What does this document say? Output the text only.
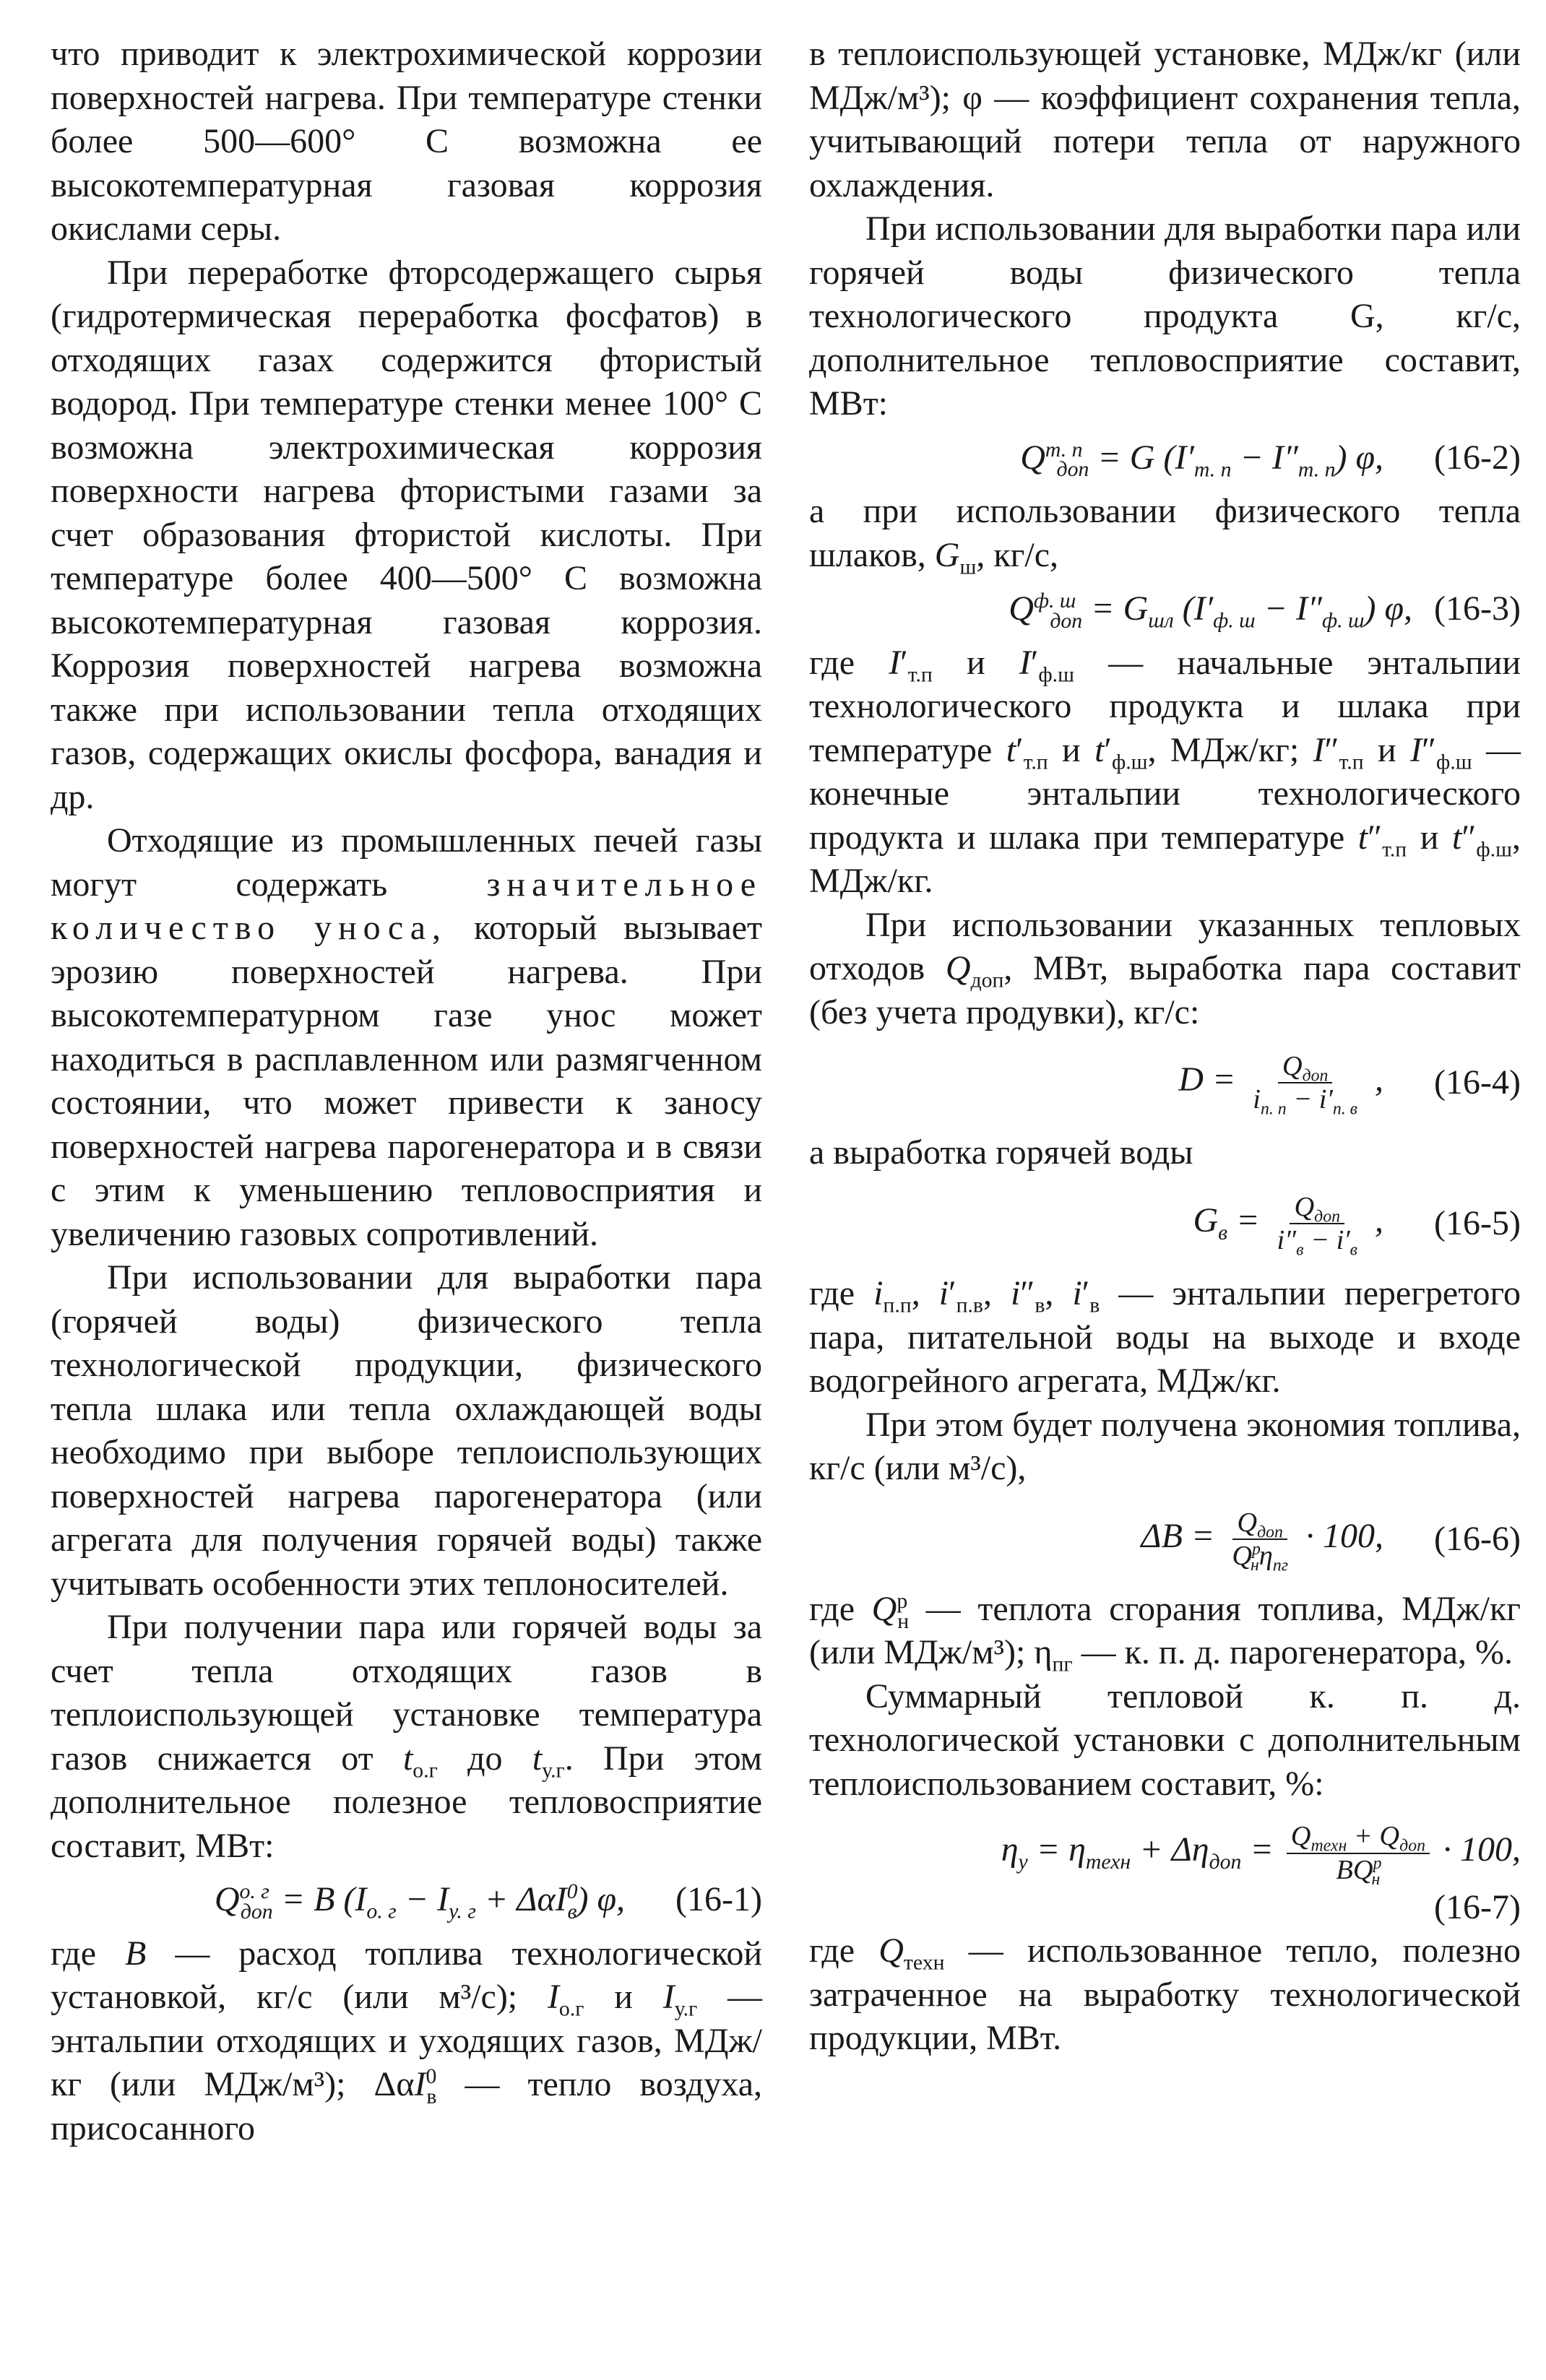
что приводит к электрохимической коррозии поверхностей нагрева. При температуре стенки более 500—600° С возможна ее высокотемпературная газовая коррозия окислами серы.

При переработке фторсодержащего сырья (гидротермическая переработка фосфатов) в отходящих газах содержится фтористый водород. При температуре стенки менее 100° С возможна электрохимическая коррозия поверхности нагрева фтористыми газами за счет образования фтористой кислоты. При температуре более 400—500° С возможна высокотемпературная газовая коррозия. Коррозия поверхностей нагрева возможна также при использовании тепла отходящих газов, содержащих окислы фосфора, ванадия и др.

Отходящие из промышленных печей газы могут содержать	значительное количество уноса, который вызывает эрозию поверхностей нагрева. При высокотемпературном газе унос может находиться в расплавленном или размягченном состоянии, что может привести к заносу поверхностей нагрева парогенератора и в связи с этим к уменьшению тепловосприятия и увеличению газовых сопротивлений.

При использовании для выработки пара (горячей воды) физического тепла технологической продукции, физического тепла шлака или тепла охлаждающей воды необходимо при выборе теплоиспользующих поверхностей нагрева парогенератора (или агрегата для получения горячей воды) также учитывать особенности этих теплоносителей.

При получении пара или горячей воды за счет тепла отходящих газов в теплоиспользующей установке температура газов снижается от $t_{о.г}$ до $t_{у.г}$. При этом дополнительное полезное тепловосприятие составит, МВт:

$Q^{о. г}_{доп} = B$ $(I_{о. г} - I_{у. г} + \Delta\alpha I^0_в)$ φ,	(16-1)

где B — расход топлива технологической установкой, кг/с (или м³/с); $I_{о.г}$ и $I_{у.г}$ — энтальпии отходящих и уходящих газов, МДж/кг (или МДж/м³); ΔαI$^0_в$ — тепло воздуха, присосанного

в теплоиспользующей установке, МДж/кг (или МДж/м³); φ — коэффициент сохранения тепла, учитывающий потери тепла от наружного охлаждения.

При использовании для выработки пара или горячей воды физического тепла технологического продукта G, кг/с, дополнительное тепловосприятие составит, МВт:

$Q^{т. п}_{доп} = G$ $(I'_{т. п} - I''_{т. п})$ φ,	(16-2)

а при использовании физического тепла шлаков, $G_ш$, кг/с,

$Q^{ф. ш}_{доп} = G_{шл}$ $(I'_{ф. ш} - I''_{ф. ш})$ φ, (16-3)

где $I'_{т.п}$ и $I'_{ф.ш}$ — начальные энтальпии технологического продукта и шлака при температуре $t'_{т.п}$ и $t'_{ф.ш}$, МДж/кг; $I''_{т.п}$ и $I''_{ф.ш}$ — конечные энтальпии технологического продукта и шлака при температуре $t''_{т.п}$ и $t''_{ф.ш}$, МДж/кг.

При использовании указанных тепловых отходов $Q_{доп}$, МВт, выработка пара составит (без учета продувки), кг/с:

$D = \frac{Q_{доп}}{i_{п. п} - i'_{п. в}}$ ,	(16-4)

а выработка горячей воды

$G_в = \frac{Q_{доп}}{i''_в - i'_в}$ ,	(16-5)

где $i_{п.п}$, $i'_{п.в}$, $i''_в$, $i'_в$ — энтальпии перегретого пара, питательной воды на выходе и входе водогрейного агрегата, МДж/кг.

При этом будет получена экономия топлива, кг/с (или м³/с),

$\Delta B = \frac{Q_{доп}}{Q^р_н\eta_{пг}} \cdot 100$,	(16-6)

где $Q^р_н$ — теплота сгорания топлива, МДж/кг (или МДж/м³); $\eta_{пг}$ — к. п. д. парогенератора, %.

Суммарный тепловой к. п. д. технологической установки с дополнительным теплоиспользованием составит, %:

$\eta_у = \eta_{техн} + \Delta\eta_{доп} = \frac{Q_{техн} + Q_{доп}}{BQ^р_н} \cdot 100$,

(16-7)

где $Q_{техн}$ — использованное тепло, полезно затраченное на выработку технологической продукции, МВт.
